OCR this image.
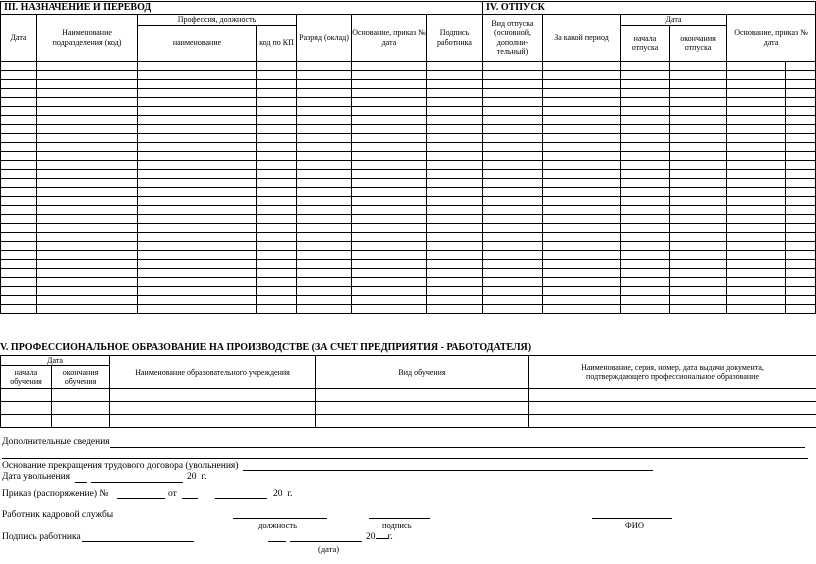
III. НАЗНАЧЕНИЕ И ПЕРЕВОД							IV. ОТПУСК					
Дата	Наименование подразделения (код)	Профессия, должность		Разряд (оклад)	Основание, приказ № дата	Подпись работника	Вид отпуска (основной, дополни-тельный)	За какой период	Дата		Основание, приказ № дата	
		наименование	код по КП						начала отпуска	окончания отпуска		

V. ПРОФЕССИОНАЛЬНОЕ ОБРАЗОВАНИЕ НА ПРОИЗВОДСТВЕ (ЗА СЧЕТ ПРЕДПРИЯТИЯ - РАБОТОДАТЕЛЯ)
Дата		Наименование образовательного учреждения	Вид обучения	Наименование, серия, номер, дата выдачи документа, подтверждающего профессиональное образование
начала обучения	окончания обучения			

Дополнительные сведения
Основание прекращения трудового договора (увольнения)
Дата увольнения	20 г.
Приказ (распоряжение) №	от	20 г.
Работник кадровой службы
должность	подпись	ФИО
Подпись работника	20 г.
(дата)
